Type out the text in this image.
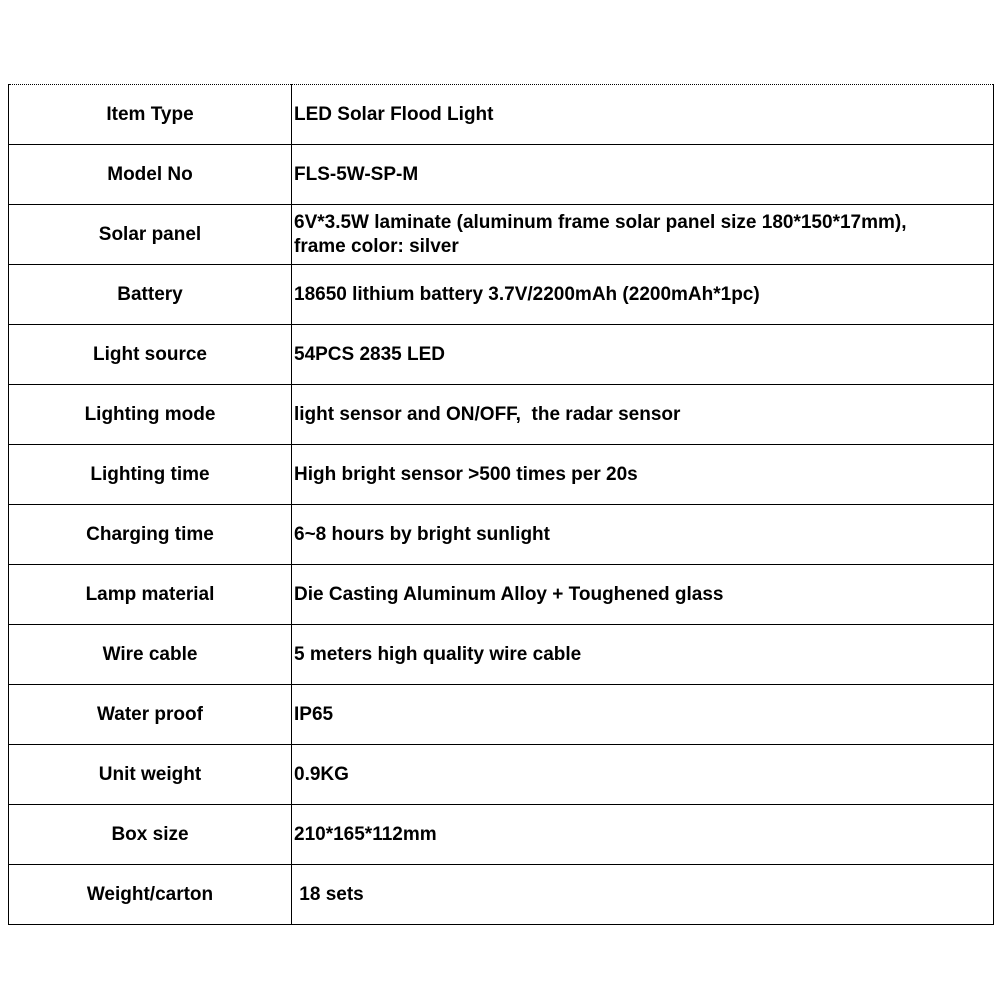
Item Type	LED Solar Flood Light
Model No	FLS-5W-SP-M
Solar panel	6V*3.5W laminate (aluminum frame solar panel size 180*150*17mm),
frame color: silver
Battery	18650 lithium battery 3.7V/2200mAh (2200mAh*1pc)
Light source	54PCS 2835 LED
Lighting mode	light sensor and ON/OFF,  the radar sensor
Lighting time	High bright sensor >500 times per 20s
Charging time	6~8 hours by bright sunlight
Lamp material	Die Casting Aluminum Alloy + Toughened glass
Wire cable	5 meters high quality wire cable
Water proof	IP65
Unit weight	0.9KG
Box size	210*165*112mm
Weight/carton	18 sets
